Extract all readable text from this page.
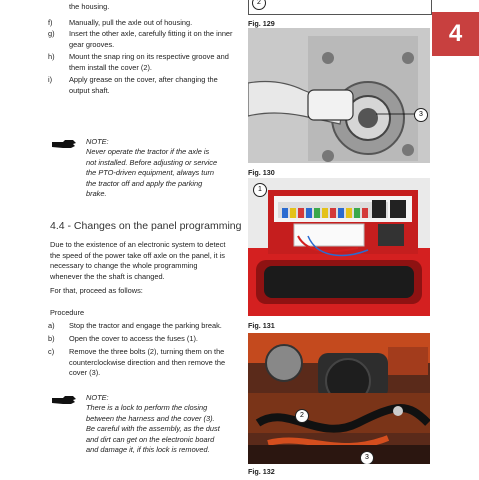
the housing.
f)	Manually, pull the axle out of housing.
g)	Insert the other axle, carefully fitting it on the inner gear grooves.
h)	Mount the snap ring on its respective groove and them install the cover (2).
i)	Apply grease on the cover, after changing the output shaft.
NOTE:
Never operate the tractor if the axle is
not installed. Before adjusting or service
the PTO-driven equipment, always turn
the tractor off and apply the parking
brake.
4.4 - Changes on the panel programming
Due to the existence of an electronic system to detect
the speed of the power take off axle on the panel, it is
necessary to change the whole programming
whenever the the shaft is changed.
For that, proceed as follows:
Procedure
a)	Stop the tractor and engage the parking break.
b)	Open the cover to access the fuses (1).
c)	Remove the three bolts (2), turning them on the counterclockwise direction and then remove the cover (3).
NOTE:
There is a lock to perform the closing
between the harness and the cover (3).
Be careful with the assembly, as the dust
and dirt can get on the electronic board
and damage it, if this lock is removed.
2
Fig. 129	4
3
Fig. 130
1
Fig. 131
2
3
Fig. 132
